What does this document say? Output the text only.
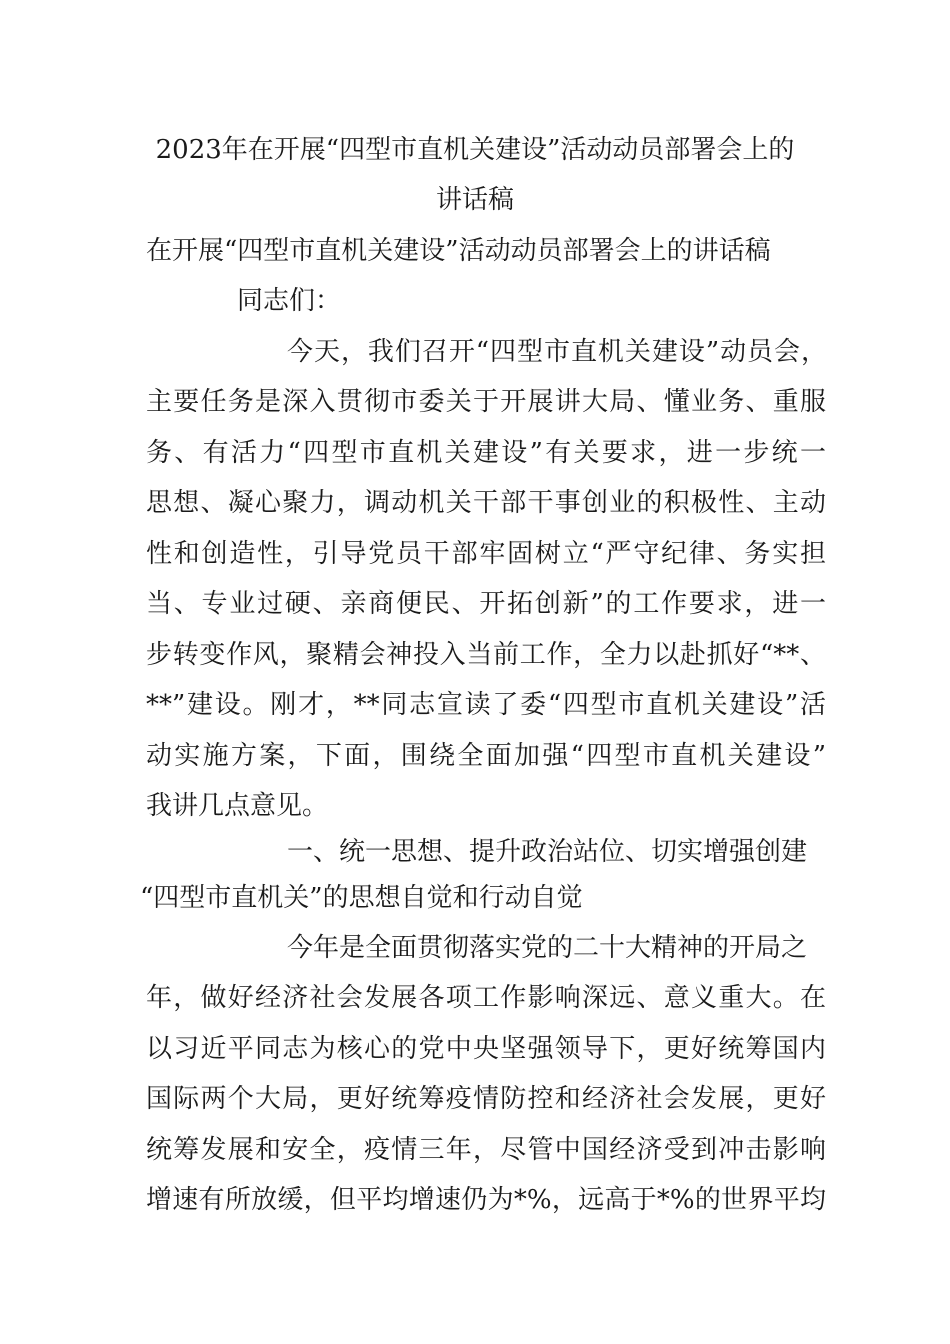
2023年在开展“四型市直机关建设”活动动员部署会上的
讲话稿
在开展“四型市直机关建设”活动动员部署会上的讲话稿
同志们：
今天，我们召开“四型市直机关建设”动员会，
主要任务是深入贯彻市委关于开展讲大局、懂业务、重服
务、有活力“四型市直机关建设”有关要求，进一步统一
思想、凝心聚力，调动机关干部干事创业的积极性、主动
性和创造性，引导党员干部牢固树立“严守纪律、务实担
当、专业过硬、亲商便民、开拓创新”的工作要求，进一
步转变作风，聚精会神投入当前工作，全力以赴抓好“**、
**”建设。刚才，**同志宣读了委“四型市直机关建设”活
动实施方案，下面，围绕全面加强“四型市直机关建设”
我讲几点意见。
一、统一思想、提升政治站位、切实增强创建
“四型市直机关”的思想自觉和行动自觉
今年是全面贯彻落实党的二十大精神的开局之
年，做好经济社会发展各项工作影响深远、意义重大。在
以习近平同志为核心的党中央坚强领导下，更好统筹国内
国际两个大局，更好统筹疫情防控和经济社会发展，更好
统筹发展和安全，疫情三年，尽管中国经济受到冲击影响
增速有所放缓，但平均增速仍为*%，远高于*%的世界平均
